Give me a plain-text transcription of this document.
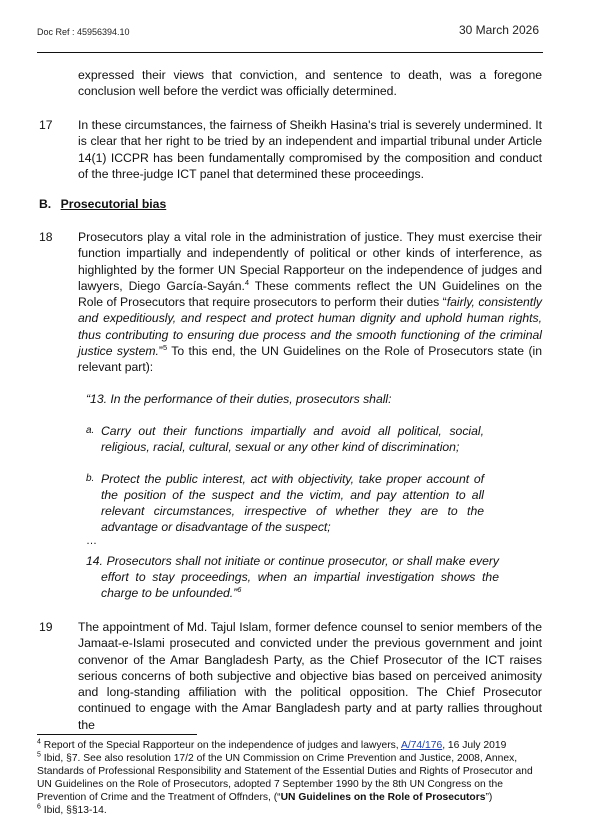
Doc Ref : 45956394.10	30 March 2026
expressed their views that conviction, and sentence to death, was a foregone conclusion well before the verdict was officially determined.
17 In these circumstances, the fairness of Sheikh Hasina's trial is severely undermined. It is clear that her right to be tried by an independent and impartial tribunal under Article 14(1) ICCPR has been fundamentally compromised by the composition and conduct of the three-judge ICT panel that determined these proceedings.
B. Prosecutorial bias
18 Prosecutors play a vital role in the administration of justice. They must exercise their function impartially and independently of political or other kinds of interference, as highlighted by the former UN Special Rapporteur on the independence of judges and lawyers, Diego García-Sayán.$^4$ These comments reflect the UN Guidelines on the Role of Prosecutors that require prosecutors to perform their duties “fairly, consistently and expeditiously, and respect and protect human dignity and uphold human rights, thus contributing to ensuring due process and the smooth functioning of the criminal justice system.”$^5$ To this end, the UN Guidelines on the Role of Prosecutors state (in relevant part):
“13. In the performance of their duties, prosecutors shall:
a. Carry out their functions impartially and avoid all political, social, religious, racial, cultural, sexual or any other kind of discrimination;
b. Protect the public interest, act with objectivity, take proper account of the position of the suspect and the victim, and pay attention to all relevant circumstances, irrespective of whether they are to the advantage or disadvantage of the suspect;
…
14. Prosecutors shall not initiate or continue prosecutor, or shall make every effort to stay proceedings, when an impartial investigation shows the charge to be unfounded.”$^6$
19 The appointment of Md. Tajul Islam, former defence counsel to senior members of the Jamaat-e-Islami prosecuted and convicted under the previous government and joint convenor of the Amar Bangladesh Party, as the Chief Prosecutor of the ICT raises serious concerns of both subjective and objective bias based on perceived animosity and long-standing affiliation with the political opposition. The Chief Prosecutor continued to engage with the Amar Bangladesh party and at party rallies throughout the
$^4$ Report of the Special Rapporteur on the independence of judges and lawyers, A/74/176, 16 July 2019
$^5$ Ibid, §7. See also resolution 17/2 of the UN Commission on Crime Prevention and Justice, 2008, Annex, Standards of Professional Responsibility and Statement of the Essential Duties and Rights of Prosecutor and UN Guidelines on the Role of Prosecutors, adopted 7 September 1990 by the 8th UN Congress on the Prevention of Crime and the Treatment of Offnders, (“UN Guidelines on the Role of Prosecutors”)
$^6$ Ibid, §§13-14.
